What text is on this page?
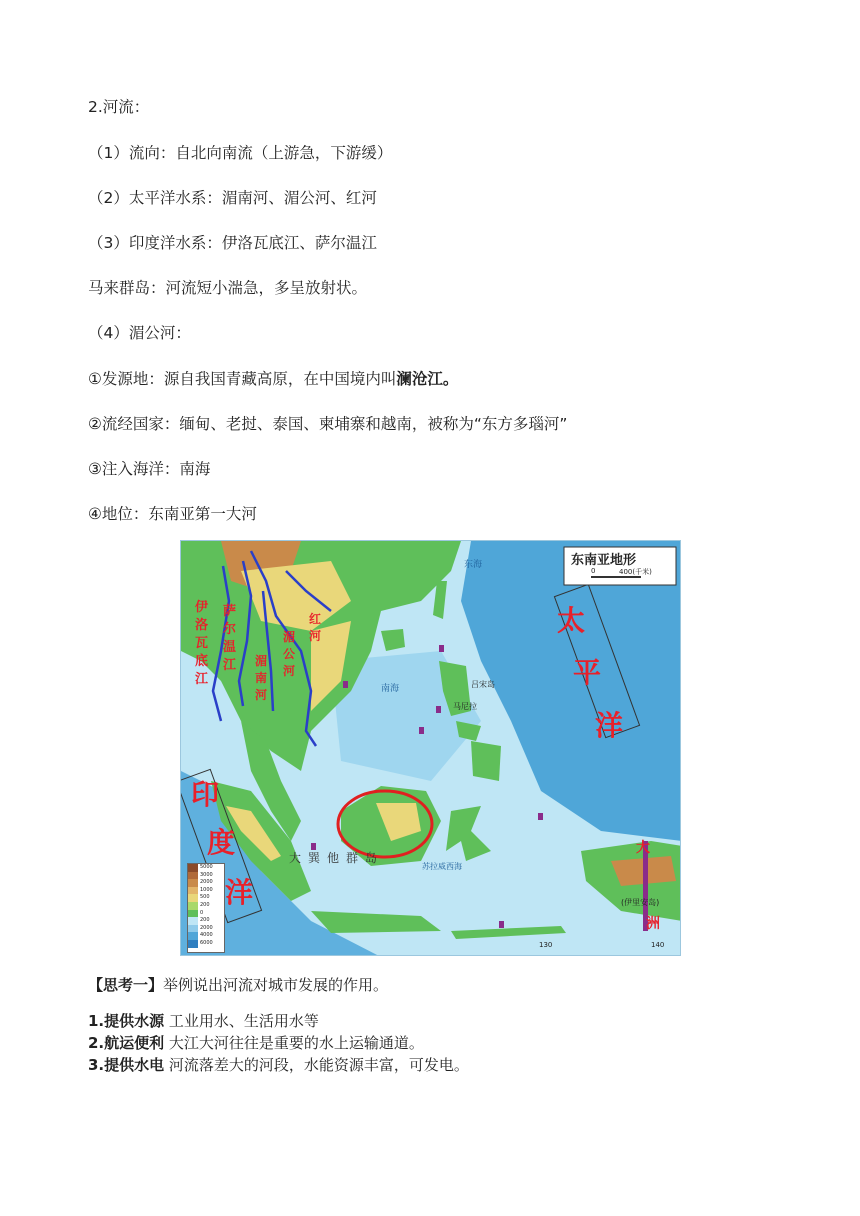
2.河流：
（1）流向：自北向南流（上游急，下游缓）
（2）太平洋水系：湄南河、湄公河、红河
（3）印度洋水系：伊洛瓦底江、萨尔温江
马来群岛：河流短小湍急，多呈放射状。
（4）湄公河：
①发源地：源自我国青藏高原，在中国境内叫澜沧江。
②流经国家：缅甸、老挝、泰国、柬埔寨和越南，被称为“东方多瑙河”
③注入海洋：南海
④地位：东南亚第一大河
东南亚地形
0	400(千米)
东海
南海	吕宋岛
马尼拉
苏拉威西海
大巽他群岛
(伊里安岛)
130	140
太
平
洋
印
度
洋
大
洲
伊
洛
瓦
底
江
萨
尔
温
江 湄
南
河
湄
公
河
红
河
5000
3000
2000
1000
500
200
0
200
2000
4000
6000
【思考一】举例说出河流对城市发展的作用。
1.提供水源 工业用水、生活用水等
2.航运便利 大江大河往往是重要的水上运输通道。
3.提供水电 河流落差大的河段，水能资源丰富，可发电。
